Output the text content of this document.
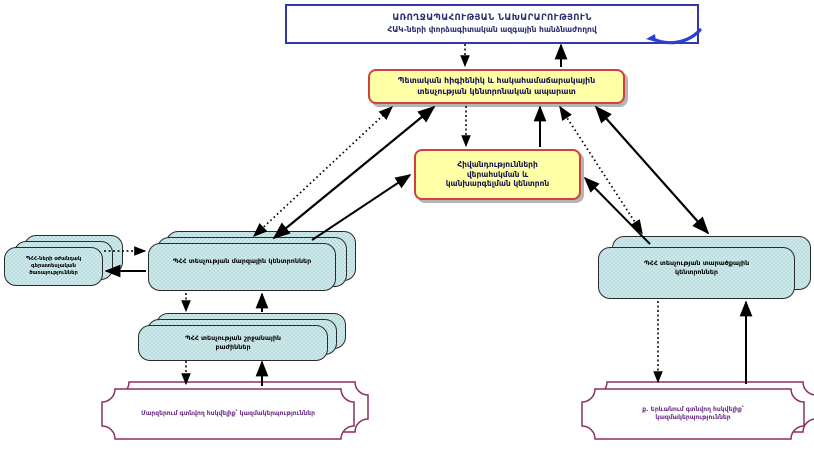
ԱՌՈՂՋԱՊԱՀՈՒԹՅԱՆ ՆԱԽԱՐԱՐՈՒԹՅՈՒՆ
ՀԱԿ-ների փորձագիտական ազգային հանձնաժողով
Պետական հիգիենիկ և հակահամաճարակային
տեսչության կենտրոնական ապարատ
Հիվանդությունների
վերահսկման և
կանխարգելման կենտրոն
ՊՀՀ-ների օժանդակ
գերատեսչական
ծառայություններ
ՊՀՀ տեսչության մարզային կենտրոններ
ՊՀՀ տեսչության շրջանային
բաժիններ
ՊՀՀ տեսչության տարածքային
կենտրոններ
Մարզերում գտնվող հսկվելիք՝ կազմակերպություններ
ք. Երևանում գտնվող հսկվելիք՝
կազմակերպություններ
